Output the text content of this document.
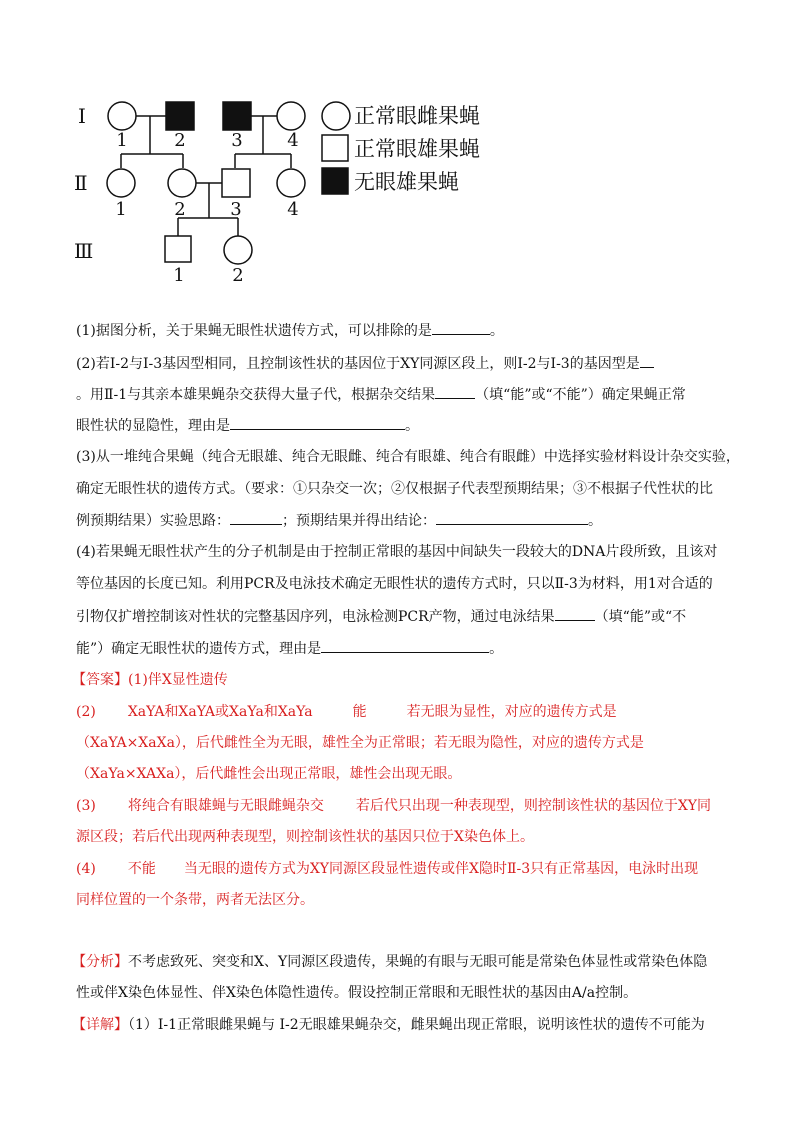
Ⅰ
Ⅱ
Ⅲ
1	2	3 4
1	2 3	4
1	2
正常眼雌果蝇
正常眼雄果蝇
无眼雄果蝇
(1)据图分析，关于果蝇无眼性状遗传方式，可以排除的是	。
(2)若Ⅰ-2与Ⅰ-3基因型相同，且控制该性状的基因位于XY同源区段上，则Ⅰ-2与Ⅰ-3的基因型是
。用Ⅱ-1与其亲本雄果蝇杂交获得大量子代，根据杂交结果	（填“能”或“不能”）确定果蝇正常
眼性状的显隐性，理由是	。
(3)从一堆纯合果蝇（纯合无眼雄、纯合无眼雌、纯合有眼雄、纯合有眼雌）中选择实验材料设计杂交实验，
确定无眼性状的遗传方式。（要求：①只杂交一次；②仅根据子代表型预期结果；③不根据子代性状的比
例预期结果）实验思路：	；预期结果并得出结论：	。
(4)若果蝇无眼性状产生的分子机制是由于控制正常眼的基因中间缺失一段较大的DNA片段所致，且该对
等位基因的长度已知。利用PCR及电泳技术确定无眼性状的遗传方式时，只以Ⅱ-3为材料，用1对合适的
引物仅扩增控制该对性状的完整基因序列，电泳检测PCR产物，通过电泳结果	（填“能”或“不
能”）确定无眼性状的遗传方式，理由是	。
【答案】(1)伴X显性遗传
(2) XaYA和XaYA或XaYa和XaYa	能	若无眼为显性，对应的遗传方式是
（XaYA×XaXa），后代雌性全为无眼，雄性全为正常眼；若无眼为隐性，对应的遗传方式是
（XaYa×XAXa），后代雌性会出现正常眼，雄性会出现无眼。
(3) 将纯合有眼雄蝇与无眼雌蝇杂交 若后代只出现一种表现型，则控制该性状的基因位于XY同
源区段；若后代出现两种表现型，则控制该性状的基因只位于X染色体上。
(4) 不能 当无眼的遗传方式为XY同源区段显性遗传或伴X隐时Ⅱ-3只有正常基因，电泳时出现
同样位置的一个条带，两者无法区分。
【分析】不考虑致死、突变和X、Y同源区段遗传，果蝇的有眼与无眼可能是常染色体显性或常染色体隐
性或伴X染色体显性、伴X染色体隐性遗传。假设控制正常眼和无眼性状的基因由A/a控制。
【详解】（1）I-1正常眼雌果蝇与 I-2无眼雄果蝇杂交，雌果蝇出现正常眼，说明该性状的遗传不可能为
